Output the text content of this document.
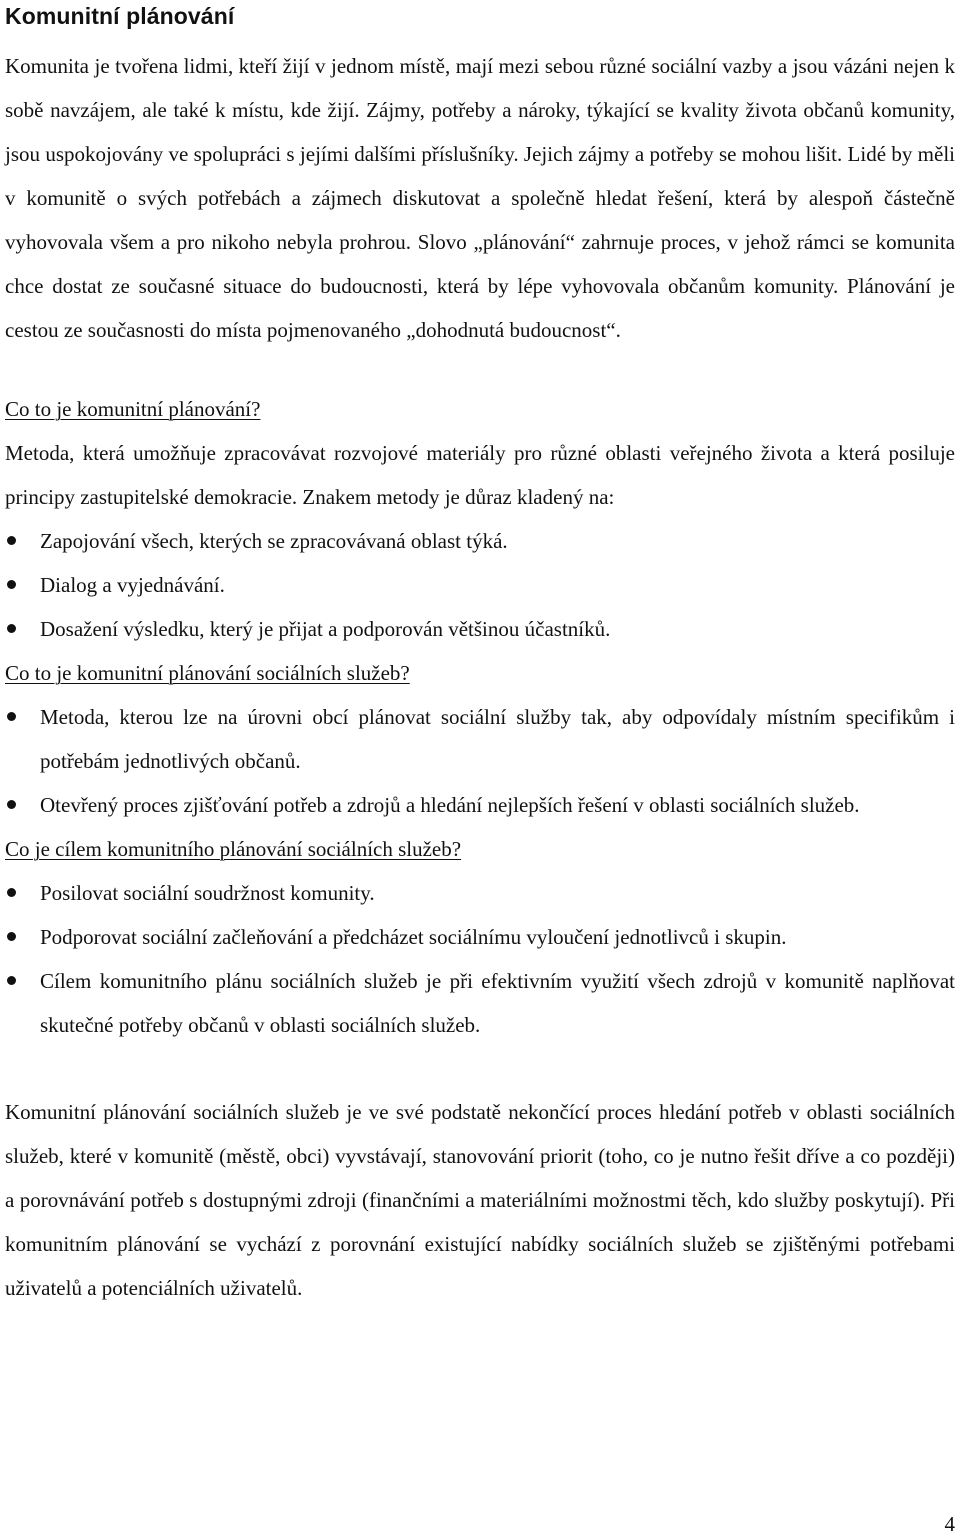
Komunitní plánování

Komunita je tvořena lidmi, kteří žijí v jednom místě, mají mezi sebou různé sociální vazby a jsou vázáni nejen k sobě navzájem, ale také k místu, kde žijí. Zájmy, potřeby a nároky, týkající se kvality života občanů komunity, jsou uspokojovány ve spolupráci s jejími dalšími příslušníky. Jejich zájmy a potřeby se mohou lišit. Lidé by měli v komunitě o svých potřebách a zájmech diskutovat a společně hledat řešení, která by alespoň částečně vyhovovala všem a pro nikoho nebyla prohrou. Slovo „plánování“ zahrnuje proces, v jehož rámci se komunita chce dostat ze současné situace do budoucnosti, která by lépe vyhovovala občanům komunity. Plánování je cestou ze současnosti do místa pojmenovaného „dohodnutá budoucnost“.

Co to je komunitní plánování?

Metoda, která umožňuje zpracovávat rozvojové materiály pro různé oblasti veřejného života a která posiluje principy zastupitelské demokracie. Znakem metody je důraz kladený na:

Zapojování všech, kterých se zpracovávaná oblast týká.
Dialog a vyjednávání.
Dosažení výsledku, který je přijat a podporován většinou účastníků.

Co to je komunitní plánování sociálních služeb?

Metoda, kterou lze na úrovni obcí plánovat sociální služby tak, aby odpovídaly místním specifikům i potřebám jednotlivých občanů.
Otevřený proces zjišťování potřeb a zdrojů a hledání nejlepších řešení v oblasti sociálních služeb.

Co je cílem komunitního plánování sociálních služeb?

Posilovat sociální soudržnost komunity.
Podporovat sociální začleňování a předcházet sociálnímu vyloučení jednotlivců i skupin.
Cílem komunitního plánu sociálních služeb je při efektivním využití všech zdrojů v komunitě naplňovat skutečné potřeby občanů v oblasti sociálních služeb.

Komunitní plánování sociálních služeb je ve své podstatě nekončící proces hledání potřeb v oblasti sociálních služeb, které v komunitě (městě, obci) vyvstávají, stanovování priorit (toho, co je nutno řešit dříve a co později) a porovnávání potřeb s dostupnými zdroji (finančními a materiálními možnostmi těch, kdo služby poskytují). Při komunitním plánování se vychází z porovnání existující nabídky sociálních služeb se zjištěnými potřebami uživatelů a potenciálních uživatelů.

4
